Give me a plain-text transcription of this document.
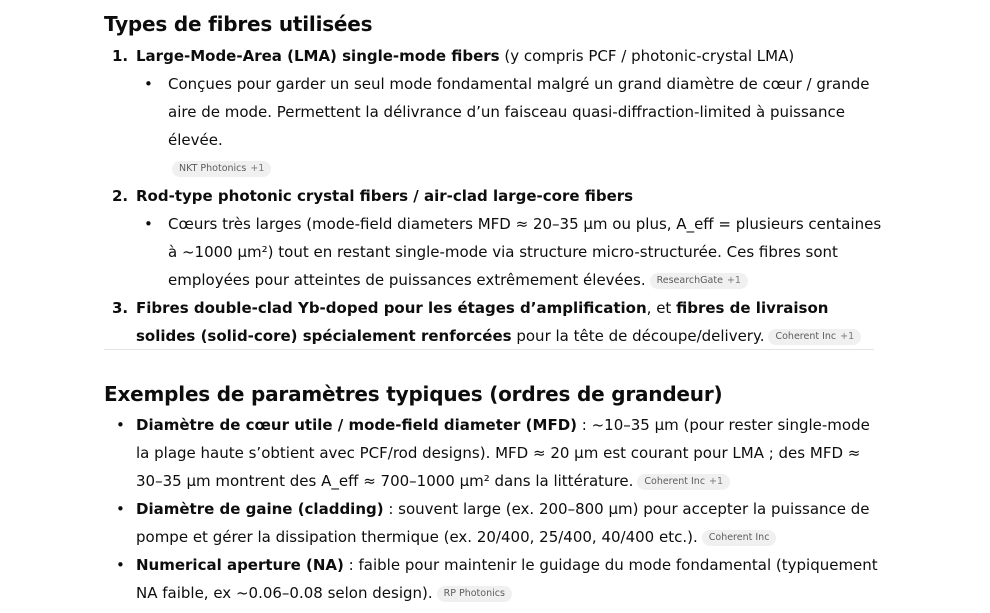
Types de fibres utilisées
1. Large-Mode-Area (LMA) single-mode fibers (y compris PCF / photonic-crystal LMA)
• Conçues pour garder un seul mode fondamental malgré un grand diamètre de cœur / grande aire de mode. Permettent la délivrance d’un faisceau quasi-diffraction-limited à puissance élevée.
NKT Photonics +1
2. Rod-type photonic crystal fibers / air-clad large-core fibers
• Cœurs très larges (mode-field diameters MFD ≈ 20–35 µm ou plus, A_eff = plusieurs centaines à ~1000 µm²) tout en restant single-mode via structure micro-structurée. Ces fibres sont employées pour atteintes de puissances extrêmement élevées. ResearchGate +1
3. Fibres double-clad Yb-doped pour les étages d’amplification, et fibres de livraison solides (solid-core) spécialement renforcées pour la tête de découpe/delivery. Coherent Inc +1
Exemples de paramètres typiques (ordres de grandeur)
• Diamètre de cœur utile / mode-field diameter (MFD) : ~10–35 µm (pour rester single-mode la plage haute s’obtient avec PCF/rod designs). MFD ≈ 20 µm est courant pour LMA ; des MFD ≈ 30–35 µm montrent des A_eff ≈ 700–1000 µm² dans la littérature. Coherent Inc +1
• Diamètre de gaine (cladding) : souvent large (ex. 200–800 µm) pour accepter la puissance de pompe et gérer la dissipation thermique (ex. 20/400, 25/400, 40/400 etc.). Coherent Inc
• Numerical aperture (NA) : faible pour maintenir le guidage du mode fondamental (typiquement NA faible, ex ~0.06–0.08 selon design). RP Photonics
